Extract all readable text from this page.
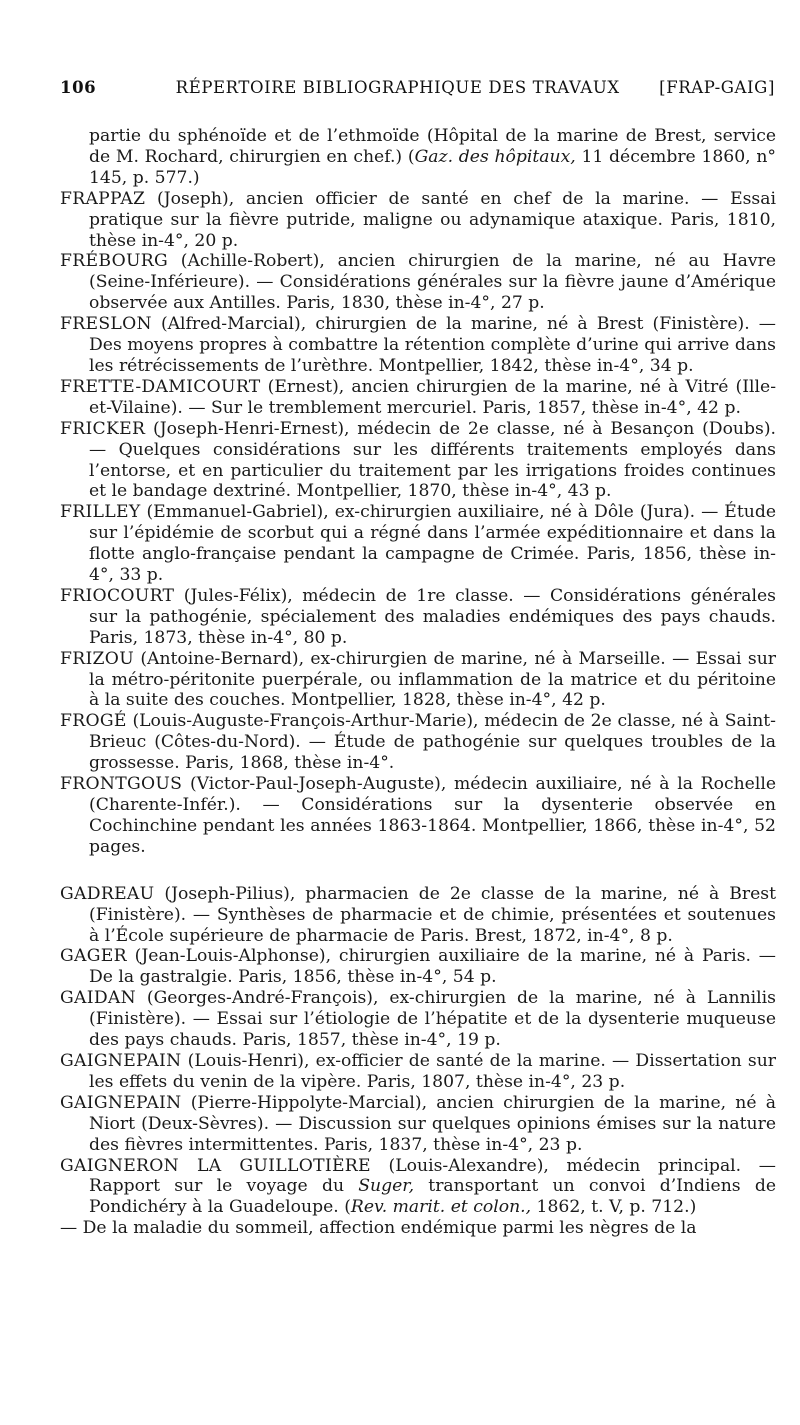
106	RÉPERTOIRE BIBLIOGRAPHIQUE DES TRAVAUX	[FRAP-GAIG]

partie du sphénoïde et de l’ethmoïde (Hôpital de la marine de Brest, service de M. Rochard, chirurgien en chef.) (Gaz. des hôpitaux, 11 décembre 1860, n° 145, p. 577.)

FRAPPAZ (Joseph), ancien officier de santé en chef de la marine. — Essai pratique sur la fièvre putride, maligne ou adynamique ataxique. Paris, 1810, thèse in-4°, 20 p.

FRÉBOURG (Achille-Robert), ancien chirurgien de la marine, né au Havre (Seine-Inférieure). — Considérations générales sur la fièvre jaune d’Amérique observée aux Antilles. Paris, 1830, thèse in-4°, 27 p.

FRESLON (Alfred-Marcial), chirurgien de la marine, né à Brest (Finistère). — Des moyens propres à combattre la rétention complète d’urine qui arrive dans les rétrécissements de l’urèthre. Montpellier, 1842, thèse in-4°, 34 p.

FRETTE-DAMICOURT (Ernest), ancien chirurgien de la marine, né à Vitré (Ille-et-Vilaine). — Sur le tremblement mercuriel. Paris, 1857, thèse in-4°, 42 p.

FRICKER (Joseph-Henri-Ernest), médecin de 2e classe, né à Besançon (Doubs). — Quelques considérations sur les différents traitements employés dans l’entorse, et en particulier du traitement par les irrigations froides continues et le bandage dextriné. Montpellier, 1870, thèse in-4°, 43 p.

FRILLEY (Emmanuel-Gabriel), ex-chirurgien auxiliaire, né à Dôle (Jura). — Étude sur l’épidémie de scorbut qui a régné dans l’armée expéditionnaire et dans la flotte anglo-française pendant la campagne de Crimée. Paris, 1856, thèse in-4°, 33 p.

FRIOCOURT (Jules-Félix), médecin de 1re classe. — Considérations générales sur la pathogénie, spécialement des maladies endémiques des pays chauds. Paris, 1873, thèse in-4°, 80 p.

FRIZOU (Antoine-Bernard), ex-chirurgien de marine, né à Marseille. — Essai sur la métro-péritonite puerpérale, ou inflammation de la matrice et du péritoine à la suite des couches. Montpellier, 1828, thèse in-4°, 42 p.

FROGÉ (Louis-Auguste-François-Arthur-Marie), médecin de 2e classe, né à Saint-Brieuc (Côtes-du-Nord). — Étude de pathogénie sur quelques troubles de la grossesse. Paris, 1868, thèse in-4°.

FRONTGOUS (Victor-Paul-Joseph-Auguste), médecin auxiliaire, né à la Rochelle (Charente-Infér.). — Considérations sur la dysenterie observée en Cochinchine pendant les années 1863-1864. Montpellier, 1866, thèse in-4°, 52 pages.

GADREAU (Joseph-Pilius), pharmacien de 2e classe de la marine, né à Brest (Finistère). — Synthèses de pharmacie et de chimie, présentées et soutenues à l’École supérieure de pharmacie de Paris. Brest, 1872, in-4°, 8 p.

GAGER (Jean-Louis-Alphonse), chirurgien auxiliaire de la marine, né à Paris. — De la gastralgie. Paris, 1856, thèse in-4°, 54 p.

GAIDAN (Georges-André-François), ex-chirurgien de la marine, né à Lannilis (Finistère). — Essai sur l’étiologie de l’hépatite et de la dysenterie muqueuse des pays chauds. Paris, 1857, thèse in-4°, 19 p.

GAIGNEPAIN (Louis-Henri), ex-officier de santé de la marine. — Dissertation sur les effets du venin de la vipère. Paris, 1807, thèse in-4°, 23 p.

GAIGNEPAIN (Pierre-Hippolyte-Marcial), ancien chirurgien de la marine, né à Niort (Deux-Sèvres). — Discussion sur quelques opinions émises sur la nature des fièvres intermittentes. Paris, 1837, thèse in-4°, 23 p.

GAIGNERON LA GUILLOTIÈRE (Louis-Alexandre), médecin principal. — Rapport sur le voyage du Suger, transportant un convoi d’Indiens de Pondichéry à la Guadeloupe. (Rev. marit. et colon., 1862, t. V, p. 712.)

— De la maladie du sommeil, affection endémique parmi les nègres de la
